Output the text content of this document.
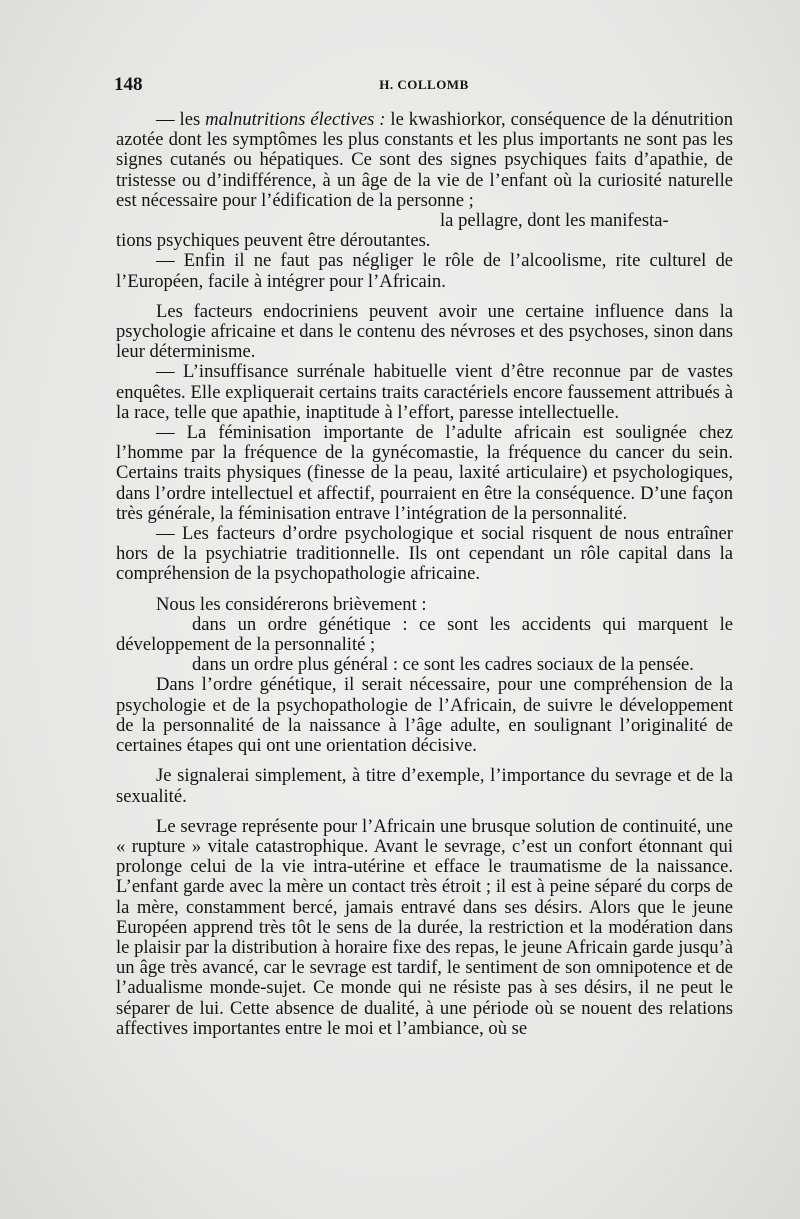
148	H. COLLOMB

— les malnutritions électives : le kwashiorkor, conséquence de la dénutrition azotée dont les symptômes les plus constants et les plus importants ne sont pas les signes cutanés ou hépatiques. Ce sont des signes psychiques faits d’apathie, de tristesse ou d’indifférence, à un âge de la vie de l’enfant où la curiosité naturelle est nécessaire pour l’édification de la personne ;

la pellagre, dont les manifesta-

tions psychiques peuvent être déroutantes.

— Enfin il ne faut pas négliger le rôle de l’alcoolisme, rite culturel de l’Européen, facile à intégrer pour l’Africain.

Les facteurs endocriniens peuvent avoir une certaine influence dans la psychologie africaine et dans le contenu des névroses et des psychoses, sinon dans leur déterminisme.

— L’insuffisance surrénale habituelle vient d’être reconnue par de vastes enquêtes. Elle expliquerait certains traits caractériels encore faussement attribués à la race, telle que apathie, inaptitude à l’effort, paresse intellectuelle.

— La féminisation importante de l’adulte africain est soulignée chez l’homme par la fréquence de la gynécomastie, la fréquence du cancer du sein. Certains traits physiques (finesse de la peau, laxité articulaire) et psychologiques, dans l’ordre intellectuel et affectif, pourraient en être la conséquence. D’une façon très générale, la féminisation entrave l’intégration de la personnalité.

— Les facteurs d’ordre psychologique et social risquent de nous entraîner hors de la psychiatrie traditionnelle. Ils ont cependant un rôle capital dans la compréhension de la psychopathologie africaine.

Nous les considérerons brièvement :

dans un ordre génétique : ce sont les accidents qui marquent le développement de la personnalité ;

dans un ordre plus général : ce sont les cadres sociaux de la pensée.

Dans l’ordre génétique, il serait nécessaire, pour une compréhension de la psychologie et de la psychopathologie de l’Africain, de suivre le développement de la personnalité de la naissance à l’âge adulte, en soulignant l’originalité de certaines étapes qui ont une orientation décisive.

Je signalerai simplement, à titre d’exemple, l’importance du sevrage et de la sexualité.

Le sevrage représente pour l’Africain une brusque solution de continuité, une « rupture » vitale catastrophique. Avant le sevrage, c’est un confort étonnant qui prolonge celui de la vie intra-utérine et efface le traumatisme de la naissance. L’enfant garde avec la mère un contact très étroit ; il est à peine séparé du corps de la mère, constamment bercé, jamais entravé dans ses désirs. Alors que le jeune Européen apprend très tôt le sens de la durée, la restriction et la modération dans le plaisir par la distribution à horaire fixe des repas, le jeune Africain garde jusqu’à un âge très avancé, car le sevrage est tardif, le sentiment de son omnipotence et de l’adualisme monde-sujet. Ce monde qui ne résiste pas à ses désirs, il ne peut le séparer de lui. Cette absence de dualité, à une période où se nouent des relations affectives importantes entre le moi et l’ambiance, où se
